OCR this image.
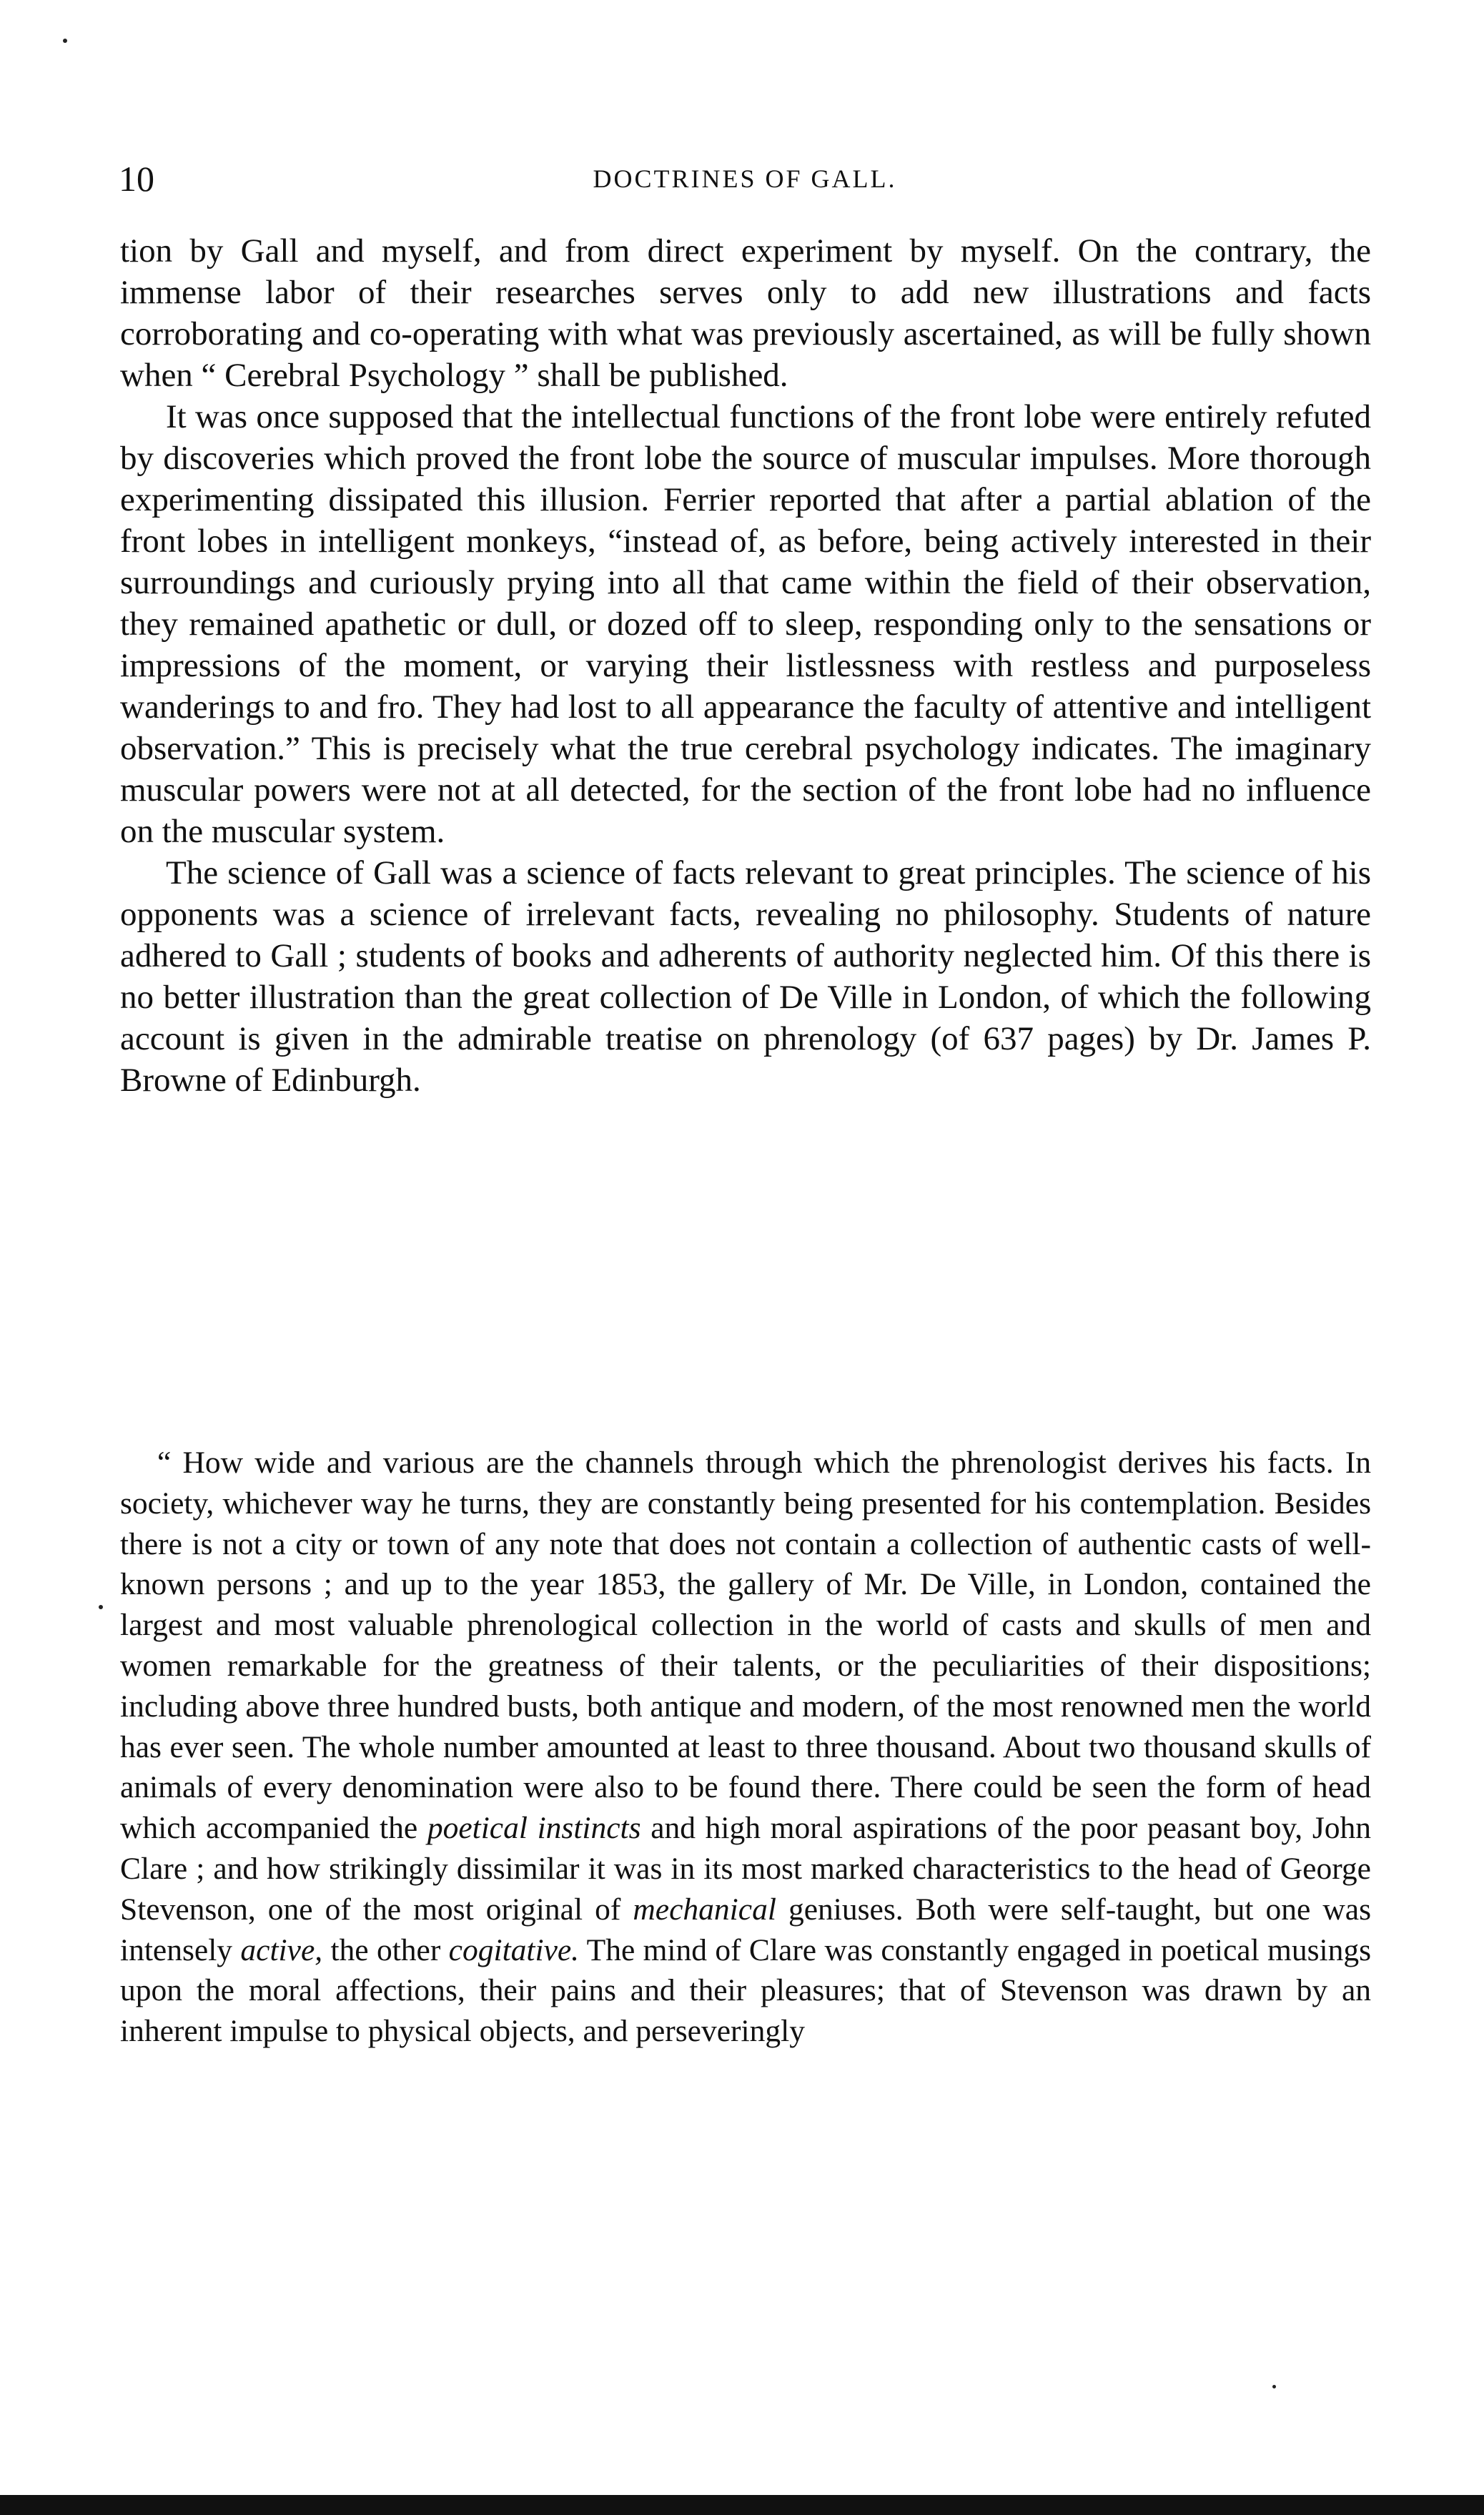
10	DOCTRINES OF GALL.

tion by Gall and myself, and from direct experiment by myself. On the contrary, the immense labor of their researches serves only to add new illustrations and facts corroborating and co-operating with what was previously ascertained, as will be fully shown when “ Cerebral Psychology ” shall be published.

It was once supposed that the intellectual functions of the front lobe were entirely refuted by discoveries which proved the front lobe the source of muscular impulses. More thorough experimenting dissipated this illusion. Ferrier reported that after a partial ablation of the front lobes in intelligent monkeys, “instead of, as before, being actively interested in their surroundings and curiously prying into all that came within the field of their observation, they remained apathetic or dull, or dozed off to sleep, responding only to the sensations or impressions of the moment, or varying their listlessness with restless and purposeless wanderings to and fro. They had lost to all appearance the faculty of attentive and intelligent observation.” This is precisely what the true cerebral psychology indicates. The imaginary muscular powers were not at all detected, for the section of the front lobe had no influence on the muscular system.

The science of Gall was a science of facts relevant to great principles. The science of his opponents was a science of irrelevant facts, revealing no philosophy. Students of nature adhered to Gall ; students of books and adherents of authority neglected him. Of this there is no better illustration than the great collection of De Ville in London, of which the following account is given in the admirable treatise on phrenology (of 637 pages) by Dr. James P. Browne of Edinburgh.

“ How wide and various are the channels through which the phrenologist derives his facts. In society, whichever way he turns, they are constantly being presented for his contemplation. Besides there is not a city or town of any note that does not contain a collection of authentic casts of well-known persons ; and up to the year 1853, the gallery of Mr. De Ville, in London, contained the largest and most valuable phrenological collection in the world of casts and skulls of men and women remarkable for the greatness of their talents, or the peculiarities of their dispositions; including above three hundred busts, both antique and modern, of the most renowned men the world has ever seen. The whole number amounted at least to three thousand. About two thousand skulls of animals of every denomination were also to be found there. There could be seen the form of head which accompanied the poetical instincts and high moral aspirations of the poor peasant boy, John Clare ; and how strikingly dissimilar it was in its most marked characteristics to the head of George Stevenson, one of the most original of mechanical geniuses. Both were self-taught, but one was intensely active, the other cogitative. The mind of Clare was constantly engaged in poetical musings upon the moral affections, their pains and their pleasures; that of Stevenson was drawn by an inherent impulse to physical objects, and perseveringly
